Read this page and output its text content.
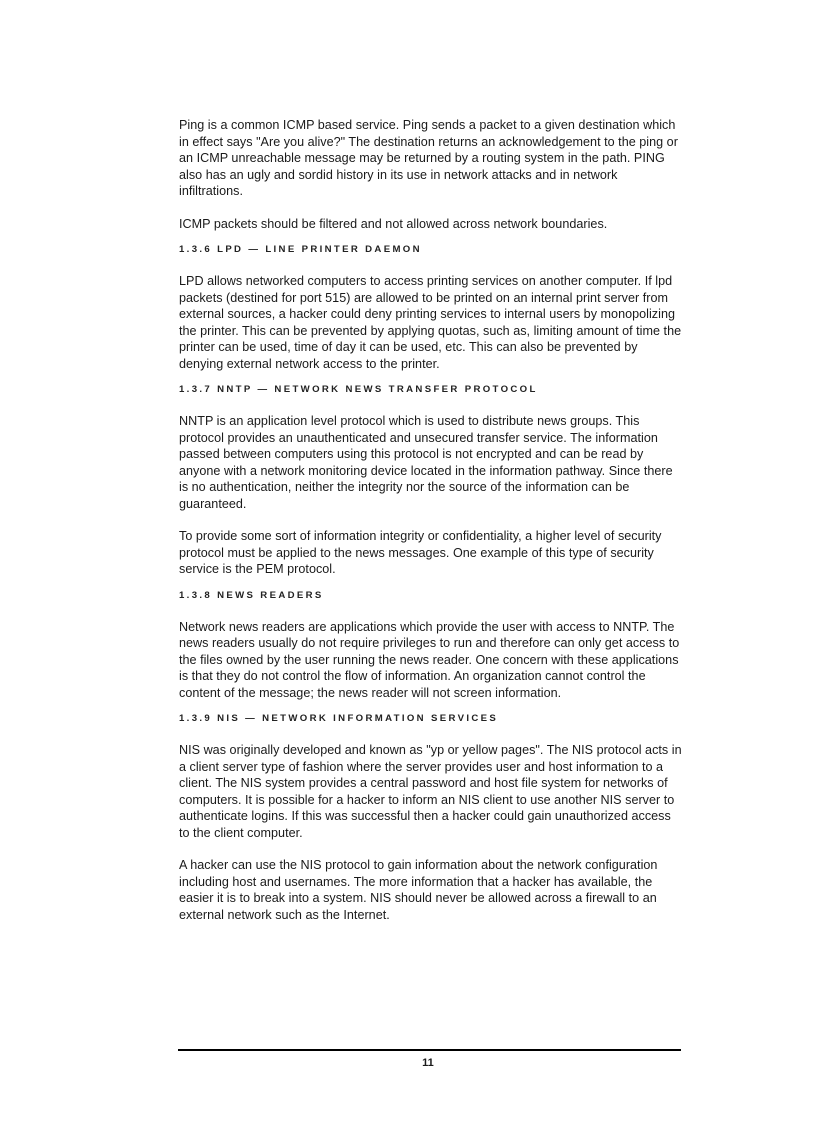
Ping is a common ICMP based service. Ping sends a packet to a given destination which in effect says "Are you alive?" The destination returns an acknowledgement to the ping or an ICMP unreachable message may be returned by a routing system in the path. PING also has an ugly and sordid history in its use in network attacks and in network infiltrations.

ICMP packets should be filtered and not allowed across network boundaries.

1.3.6 LPD — LINE PRINTER DAEMON

LPD allows networked computers to access printing services on another computer. If lpd packets (destined for port 515) are allowed to be printed on an internal print server from external sources, a hacker could deny printing services to internal users by monopolizing the printer. This can be prevented by applying quotas, such as, limiting amount of time the printer can be used, time of day it can be used, etc. This can also be prevented by denying external network access to the printer.

1.3.7 NNTP — NETWORK NEWS TRANSFER PROTOCOL

NNTP is an application level protocol which is used to distribute news groups. This protocol provides an unauthenticated and unsecured transfer service. The information passed between computers using this protocol is not encrypted and can be read by anyone with a network monitoring device located in the information pathway. Since there is no authentication, neither the integrity nor the source of the information can be guaranteed.

To provide some sort of information integrity or confidentiality, a higher level of security protocol must be applied to the news messages. One example of this type of security service is the PEM protocol.

1.3.8 NEWS READERS

Network news readers are applications which provide the user with access to NNTP. The news readers usually do not require privileges to run and therefore can only get access to the files owned by the user running the news reader. One concern with these applications is that they do not control the flow of information. An organization cannot control the content of the message; the news reader will not screen information.

1.3.9 NIS — NETWORK INFORMATION SERVICES

NIS was originally developed and known as "yp or yellow pages". The NIS protocol acts in a client server type of fashion where the server provides user and host information to a client. The NIS system provides a central password and host file system for networks of computers. It is possible for a hacker to inform an NIS client to use another NIS server to authenticate logins. If this was successful then a hacker could gain unauthorized access to the client computer.

A hacker can use the NIS protocol to gain information about the network configuration including host and usernames. The more information that a hacker has available, the easier it is to break into a system. NIS should never be allowed across a firewall to an external network such as the Internet.

11
